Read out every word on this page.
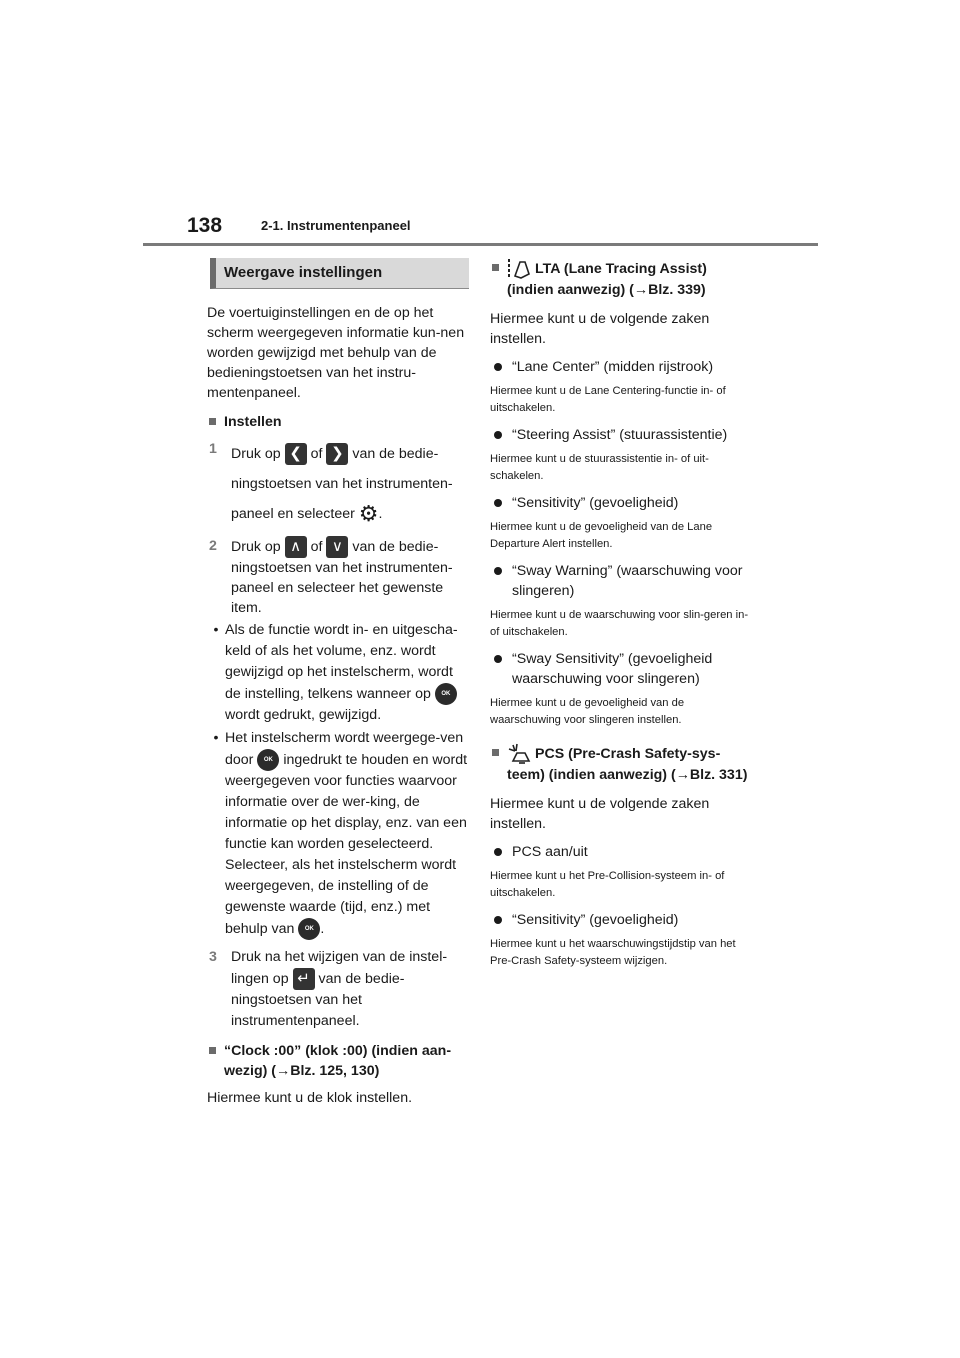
138	2-1. Instrumentenpaneel
Weergave instellingen

De voertuiginstellingen en de op het scherm weergegeven informatie kun-nen worden gewijzigd met behulp van de bedieningstoetsen van het instru-mentenpaneel.

Instellen
1 Druk op ❮ of ❯ van de bedie-ningstoetsen van het instrumenten-paneel en selecteer ⚙.
2 Druk op ∧ of ∨ van de bedie-ningstoetsen van het instrumenten-paneel en selecteer het gewenste item.
• Als de functie wordt in- en uitgescha-keld of als het volume, enz. wordt gewijzigd op het instelscherm, wordt de instelling, telkens wanneer op OK wordt gedrukt, gewijzigd.
• Het instelscherm wordt weergege-ven door OK ingedrukt te houden en wordt weergegeven voor functies waarvoor informatie over de wer-king, de informatie op het display, enz. van een functie kan worden geselecteerd. Selecteer, als het instelscherm wordt weergegeven, de instelling of de gewenste waarde (tijd, enz.) met behulp van OK .
3 Druk na het wijzigen van de instel-lingen op ↵ van de bedie-ningstoetsen van het instrumentenpaneel.
“Clock :00” (klok :00) (indien aan-wezig) (→Blz. 125, 130)

Hiermee kunt u de klok instellen.

LTA (Lane Tracing Assist) (indien aanwezig) (→Blz. 339)

Hiermee kunt u de volgende zaken instellen.

“Lane Center” (midden rijstrook)

Hiermee kunt u de Lane Centering-functie in- of uitschakelen.

“Steering Assist” (stuurassistentie)

Hiermee kunt u de stuurassistentie in- of uit-schakelen.

“Sensitivity” (gevoeligheid)

Hiermee kunt u de gevoeligheid van de Lane Departure Alert instellen.

“Sway Warning” (waarschuwing voor slingeren)

Hiermee kunt u de waarschuwing voor slin-geren in- of uitschakelen.

“Sway Sensitivity” (gevoeligheid waarschuwing voor slingeren)

Hiermee kunt u de gevoeligheid van de waarschuwing voor slingeren instellen.

PCS (Pre-Crash Safety-sys-teem) (indien aanwezig) (→Blz. 331)

Hiermee kunt u de volgende zaken instellen.

PCS aan/uit

Hiermee kunt u het Pre-Collision-systeem in- of uitschakelen.

“Sensitivity” (gevoeligheid)

Hiermee kunt u het waarschuwingstijdstip van het Pre-Crash Safety-systeem wijzigen.
